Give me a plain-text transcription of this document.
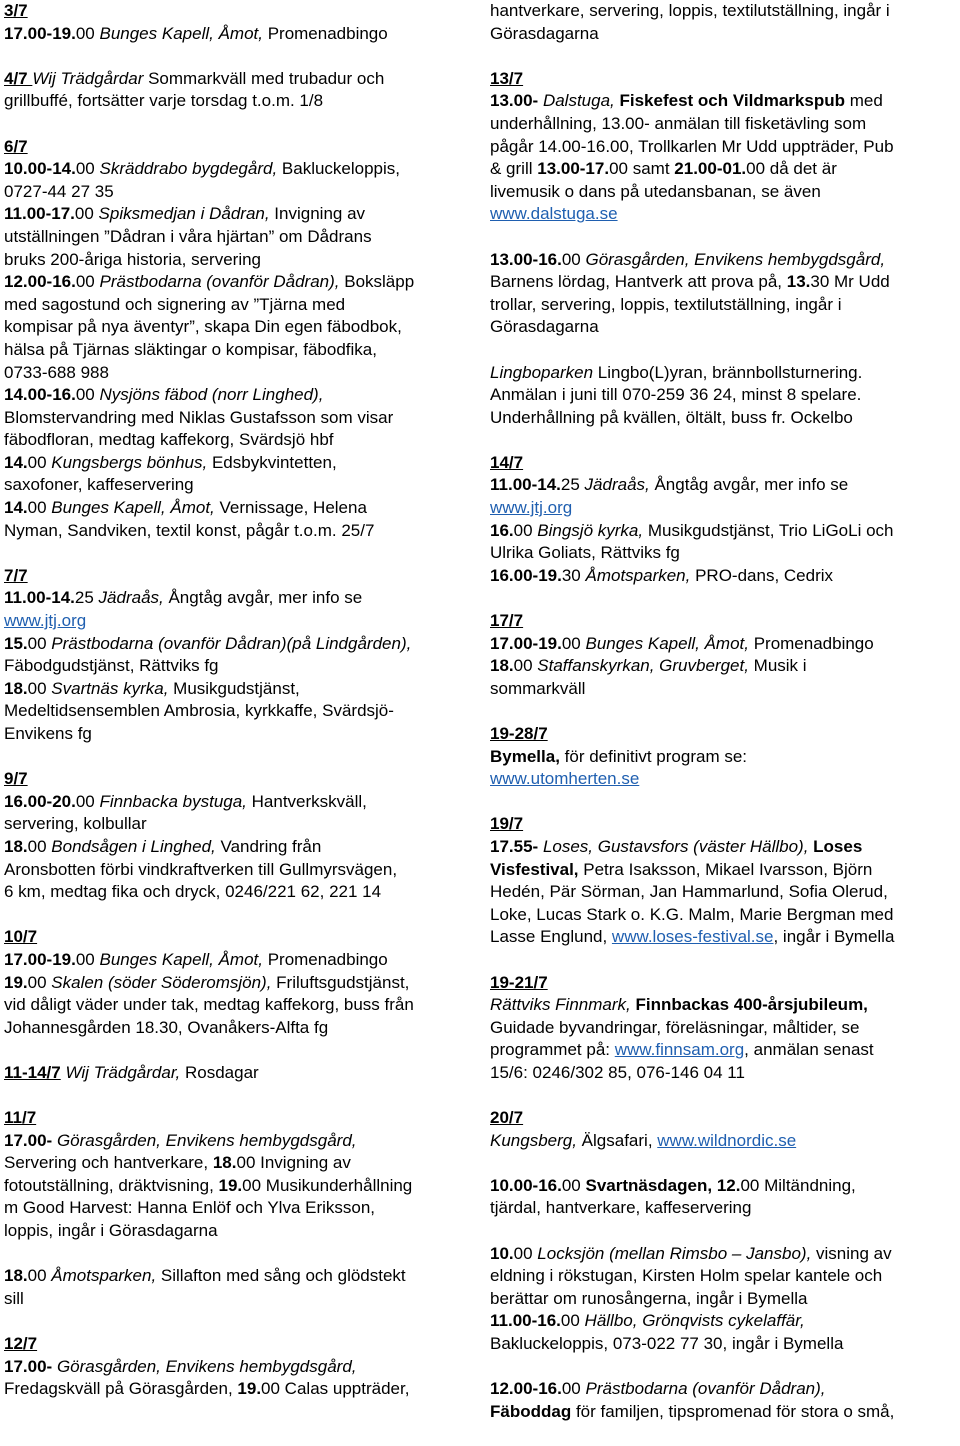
3/7
17.00-19.00 Bunges Kapell, Åmot, Promenadbingo
4/7 Wij Trädgårdar Sommarkväll med trubadur och
grillbuffé, fortsätter varje torsdag t.o.m. 1/8
6/7
10.00-14.00 Skräddrabo bygdegård, Bakluckeloppis,
0727-44 27 35
11.00-17.00 Spiksmedjan i Dådran, Invigning av
utställningen ”Dådran i våra hjärtan” om Dådrans
bruks 200-åriga historia, servering
12.00-16.00 Prästbodarna (ovanför Dådran), Boksläpp
med sagostund och signering av ”Tjärna med
kompisar på nya äventyr”, skapa Din egen fäbodbok,
hälsa på Tjärnas släktingar o kompisar, fäbodfika,
0733-688 988
14.00-16.00 Nysjöns fäbod (norr Linghed),
Blomstervandring med Niklas Gustafsson som visar
fäbodfloran, medtag kaffekorg, Svärdsjö hbf
14.00 Kungsbergs bönhus, Edsbykvintetten,
saxofoner, kaffeservering
14.00 Bunges Kapell, Åmot, Vernissage, Helena
Nyman, Sandviken, textil konst, pågår t.o.m. 25/7
7/7
11.00-14.25 Jädraås, Ångtåg avgår, mer info se
www.jtj.org
15.00 Prästbodarna (ovanför Dådran)(på Lindgården),
Fäbodgudstjänst, Rättviks fg
18.00 Svartnäs kyrka, Musikgudstjänst,
Medeltidsensemblen Ambrosia, kyrkkaffe, Svärdsjö-
Envikens fg
9/7
16.00-20.00 Finnbacka bystuga, Hantverkskväll,
servering, kolbullar
18.00 Bondsågen i Linghed, Vandring från
Aronsbotten förbi vindkraftverken till Gullmyrsvägen,
6 km, medtag fika och dryck, 0246/221 62, 221 14
10/7
17.00-19.00 Bunges Kapell, Åmot, Promenadbingo
19.00 Skalen (söder Söderomsjön), Friluftsgudstjänst,
vid dåligt väder under tak, medtag kaffekorg, buss från
Johannesgården 18.30, Ovanåkers-Alfta fg
11-14/7 Wij Trädgårdar, Rosdagar
11/7
17.00- Görasgården, Envikens hembygdsgård,
Servering och hantverkare, 18.00 Invigning av
fotoutställning, dräktvisning, 19.00 Musikunderhållning
m Good Harvest: Hanna Enlöf och Ylva Eriksson,
loppis, ingår i Görasdagarna
18.00 Åmotsparken, Sillafton med sång och glödstekt
sill
12/7
17.00- Görasgården, Envikens hembygdsgård,
Fredagskväll på Görasgården, 19.00 Calas uppträder,
hantverkare, servering, loppis, textilutställning, ingår i
Görasdagarna
13/7
13.00- Dalstuga, Fiskefest och Vildmarkspub med
underhållning, 13.00- anmälan till fisketävling som
pågår 14.00-16.00, Trollkarlen Mr Udd uppträder, Pub
& grill 13.00-17.00 samt 21.00-01.00 då det är
livemusik o dans på utedansbanan, se även
www.dalstuga.se
13.00-16.00 Görasgården, Envikens hembygdsgård,
Barnens lördag, Hantverk att prova på, 13.30 Mr Udd
trollar, servering, loppis, textilutställning, ingår i
Görasdagarna
Lingboparken Lingbo(L)yran, brännbollsturnering.
Anmälan i juni till 070-259 36 24, minst 8 spelare.
Underhållning på kvällen, öltält, buss fr. Ockelbo
14/7
11.00-14.25 Jädraås, Ångtåg avgår, mer info se
www.jtj.org
16.00 Bingsjö kyrka, Musikgudstjänst, Trio LiGoLi och
Ulrika Goliats, Rättviks fg
16.00-19.30 Åmotsparken, PRO-dans, Cedrix
17/7
17.00-19.00 Bunges Kapell, Åmot, Promenadbingo
18.00 Staffanskyrkan, Gruvberget, Musik i
sommarkväll
19-28/7
Bymella, för definitivt program se:
www.utomherten.se
19/7
17.55- Loses, Gustavsfors (väster Hällbo), Loses
Visfestival, Petra Isaksson, Mikael Ivarsson, Björn
Hedén, Pär Sörman, Jan Hammarlund, Sofia Olerud,
Loke, Lucas Stark o. K.G. Malm, Marie Bergman med
Lasse Englund, www.loses-festival.se, ingår i Bymella
19-21/7
Rättviks Finnmark, Finnbackas 400-årsjubileum,
Guidade byvandringar, föreläsningar, måltider, se
programmet på: www.finnsam.org, anmälan senast
15/6: 0246/302 85, 076-146 04 11
20/7
Kungsberg, Älgsafari, www.wildnordic.se
10.00-16.00 Svartnäsdagen, 12.00 Miltändning,
tjärdal, hantverkare, kaffeservering
10.00 Locksjön (mellan Rimsbo – Jansbo), visning av
eldning i rökstugan, Kirsten Holm spelar kantele och
berättar om runosångerna, ingår i Bymella
11.00-16.00 Hällbo, Grönqvists cykelaffär,
Bakluckeloppis, 073-022 77 30, ingår i Bymella
12.00-16.00 Prästbodarna (ovanför Dådran),
Fäboddag för familjen, tipspromenad för stora o små,
